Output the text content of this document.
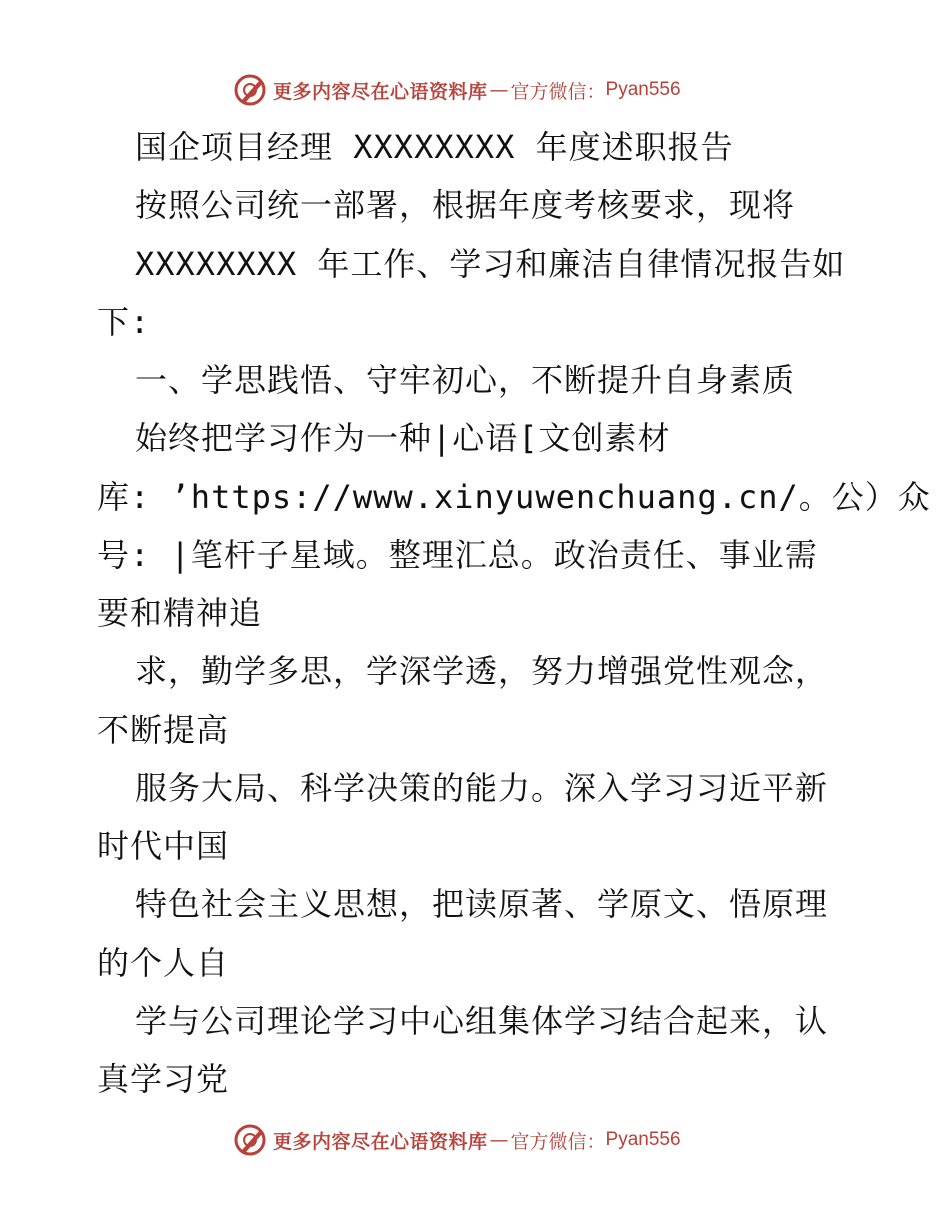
更多内容尽在心语资料库 — 官方微信： Pyan556
国企项目经理 XXXXXXXX 年度述职报告
按照公司统一部署，根据年度考核要求，现将
XXXXXXXX 年工作、学习和廉洁自律情况报告如
下:
一、学思践悟、守牢初心，不断提升自身素质
始终把学习作为一种|心语[文创素材
库: ’https://www.xinyuwenchuang.cn/。公）众
号: |笔杆子星域。整理汇总。政治责任、事业需
要和精神追
求，勤学多思，学深学透，努力增强党性观念，
不断提高
服务大局、科学决策的能力。深入学习习近平新
时代中国
特色社会主义思想，把读原著、学原文、悟原理
的个人自
学与公司理论学习中心组集体学习结合起来，认
真学习党
更多内容尽在心语资料库 — 官方微信： Pyan556
